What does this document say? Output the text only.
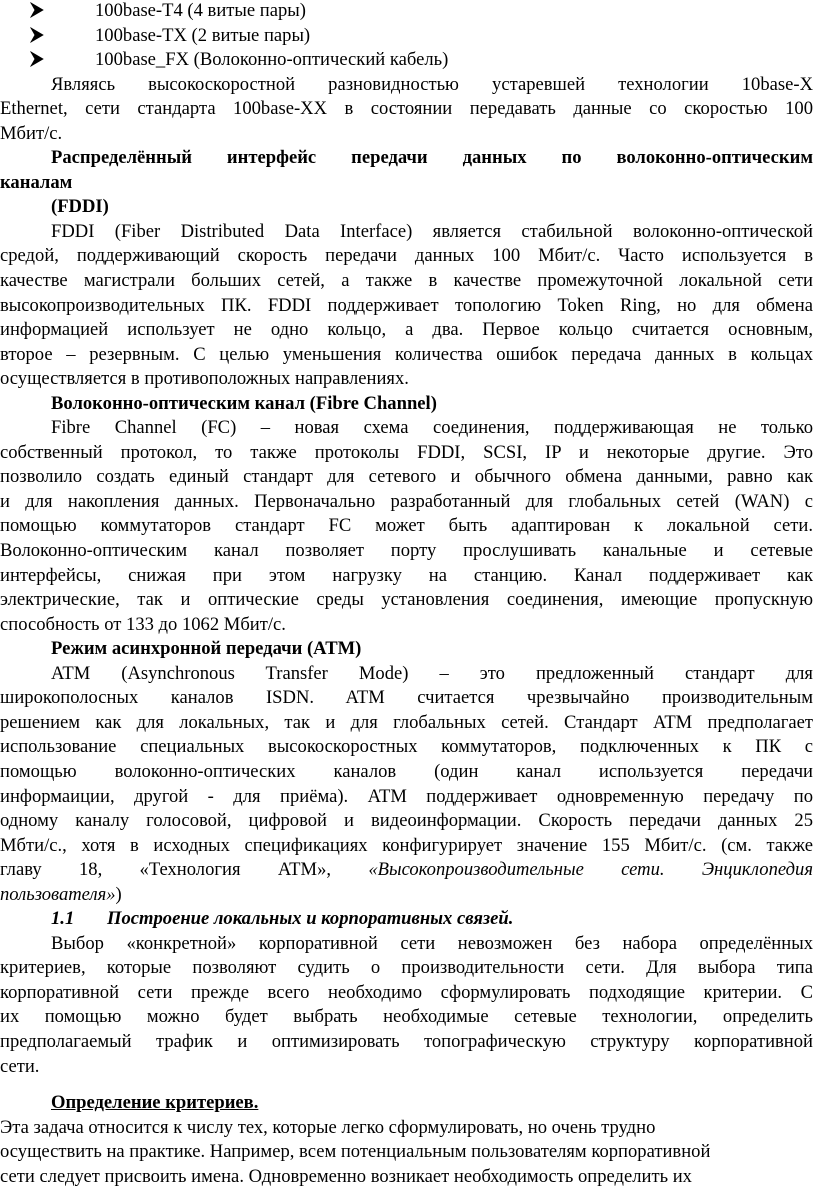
100base-T4 (4 витые пары)
100base-TX (2 витые пары)
100base_FX (Волоконно-оптический кабель)

Являясь высокоскоростной разновидностью устаревшей технологии 10base-X

Ethernet, сети стандарта 100base-XX в состоянии передавать данные со скоростью 100

Мбит/с.

Распределённый интерфейс передачи данных по волоконно-оптическим

каналам

(FDDI)

FDDI (Fiber Distributed Data Interface) является стабильной волоконно-оптической

средой, поддерживающий скорость передачи данных 100 Мбит/с. Часто используется в

качестве магистрали больших сетей, а также в качестве промежуточной локальной сети

высокопроизводительных ПК. FDDI поддерживает топологию Token Ring, но для обмена

информацией использует не одно кольцо, а два. Первое кольцо считается основным,

второе – резервным. С целью уменьшения количества ошибок передача данных в кольцах

осуществляется в противоположных направлениях.

Волоконно-оптическим канал (Fibre Channel)

Fibre Channel (FC) – новая схема соединения, поддерживающая не только

собственный протокол, то также протоколы FDDI, SCSI, IP и некоторые другие. Это

позволило создать единый стандарт для сетевого и обычного обмена данными, равно как

и для накопления данных. Первоначально разработанный для глобальных сетей (WAN) с

помощью коммутаторов стандарт FC может быть адаптирован к локальной сети.

Волоконно-оптическим канал позволяет порту прослушивать канальные и сетевые

интерфейсы, снижая при этом нагрузку на станцию. Канал поддерживает как

электрические, так и оптические среды установления соединения, имеющие пропускную

способность от 133 до 1062 Мбит/с.

Режим асинхронной передачи (ATM)

ATM (Asynchronous Transfer Mode) – это предложенный стандарт для

широкополосных каналов ISDN. ATM считается чрезвычайно производительным

решением как для локальных, так и для глобальных сетей. Стандарт ATM предполагает

использование специальных высокоскоростных коммутаторов, подключенных к ПК с

помощью волоконно-оптических каналов (один канал используется передачи

информаиции, другой - для приёма). ATM поддерживает одновременную передачу по

одному каналу голосовой, цифровой и видеоинформации. Скорость передачи данных 25

Мбти/с., хотя в исходных спецификациях конфигурирует значение 155 Мбит/с. (см. также

главу 18, «Технология ATM», «Высокопроизводительные сети. Энциклопедия

пользователя»)

1.1 Построение локальных и корпоративных связей.

Выбор «конкретной» корпоративной сети невозможен без набора определённых

критериев, которые позволяют судить о производительности сети. Для выбора типа

корпоративной сети прежде всего необходимо сформулировать подходящие критерии. С

их помощью можно будет выбрать необходимые сетевые технологии, определить

предполагаемый трафик и оптимизировать топографическую структуру корпоративной

сети.

Определение критериев.

Эта задача относится к числу тех, которые легко сформулировать, но очень трудно

осуществить на практике. Например, всем потенциальным пользователям корпоративной

сети следует присвоить имена. Одновременно возникает необходимость определить их
